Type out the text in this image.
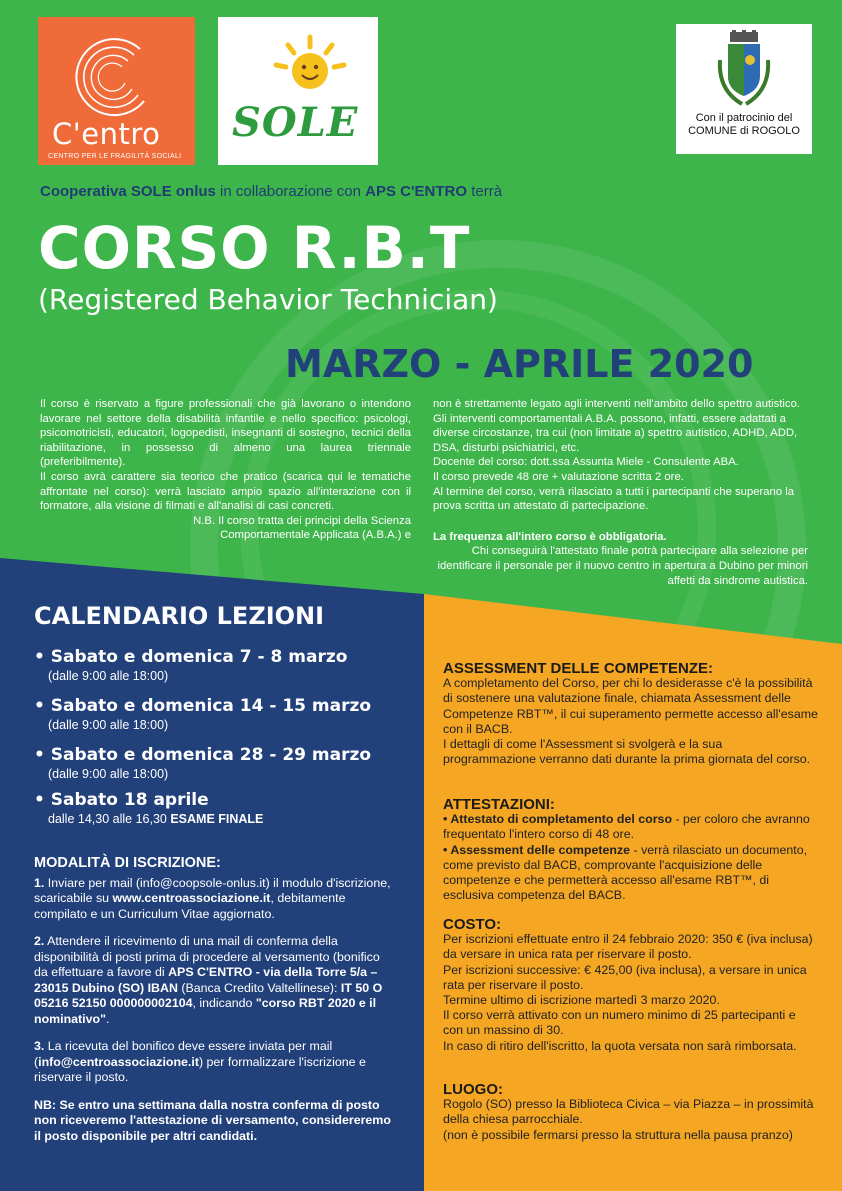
C'entro
CENTRO PER LE FRAGILITÀ SOCIALI
SOLE	Con il patrocinio del
COMUNE di ROGOLO
Cooperativa SOLE onlus in collaborazione con APS C'ENTRO terrà
CORSO R.B.T
(Registered Behavior Technician)
MARZO - APRILE 2020

Il corso è riservato a figure professionali che già lavorano o intendono lavorare nel settore della disabilità infantile e nello specifico: psicologi, psicomotricisti, educatori, logopedisti, insegnanti di sostegno, tecnici della riabilitazione, in possesso di almeno una laurea triennale (preferibilmente).

Il corso avrà carattere sia teorico che pratico (scarica qui le tematiche affrontate nel corso): verrà lasciato ampio spazio all'interazione con il formatore, alla visione di filmati e all'analisi di casi concreti.

N.B. Il corso tratta dei principi della Scienza Comportamentale Applicata (A.B.A.) e

non è strettamente legato agli interventi nell'ambito dello spettro autistico.

Gli interventi comportamentali A.B.A. possono, infatti, essere adattati a diverse circostanze, tra cui (non limitate a) spettro autistico, ADHD, ADD, DSA, disturbi psichiatrici, etc.

Docente del corso: dott.ssa Assunta Miele - Consulente ABA.

Il corso prevede 48 ore + valutazione scritta 2 ore.

Al termine del corso, verrà rilasciato a tutti i partecipanti che superano la prova scritta un attestato di partecipazione.

La frequenza all'intero corso è obbligatoria.

Chi conseguirà l'attestato finale potrà partecipare alla selezione per identificare il personale per il nuovo centro in apertura a Dubino per minori affetti da sindrome autistica.

CALENDARIO LEZIONI
• Sabato e domenica 7 - 8 marzo
(dalle 9:00 alle 18:00)
• Sabato e domenica 14 - 15 marzo
(dalle 9:00 alle 18:00)
• Sabato e domenica 28 - 29 marzo
(dalle 9:00 alle 18:00)
• Sabato 18 aprile
dalle 14,30 alle 16,30 ESAME FINALE
MODALITÀ DI ISCRIZIONE:

1. Inviare per mail (info@coopsole-onlus.it) il modulo d'iscrizione, scaricabile su www.centroassociazione.it, debitamente compilato e un Curriculum Vitae aggiornato.

2. Attendere il ricevimento di una mail di conferma della disponibilità di posti prima di procedere al versamento (bonifico da effettuare a favore di APS C'ENTRO - via della Torre 5/a – 23015 Dubino (SO) IBAN (Banca Credito Valtellinese): IT 50 O 05216 52150 000000002104, indicando "corso RBT 2020 e il nominativo".

3. La ricevuta del bonifico deve essere inviata per mail (info@centroassociazione.it) per formalizzare l'iscrizione e riservare il posto.

NB: Se entro una settimana dalla nostra conferma di posto non riceveremo l'attestazione di versamento, considereremo il posto disponibile per altri candidati.

ASSESSMENT DELLE COMPETENZE:

A completamento del Corso, per chi lo desiderasse c'è la possibilità di sostenere una valutazione finale, chiamata Assessment delle Competenze RBT™, il cui superamento permette accesso all'esame con il BACB.

I dettagli di come l'Assessment si svolgerà e la sua programmazione verranno dati durante la prima giornata del corso.

ATTESTAZIONI:

• Attestato di completamento del corso - per coloro che avranno frequentato l'intero corso di 48 ore.

• Assessment delle competenze - verrà rilasciato un documento, come previsto dal BACB, comprovante l'acquisizione delle competenze e che permetterà accesso all'esame RBT™, di esclusiva competenza del BACB.

COSTO:

Per iscrizioni effettuate entro il 24 febbraio 2020: 350 € (iva inclusa) da versare in unica rata per riservare il posto.

Per iscrizioni successive: € 425,00 (iva inclusa), a versare in unica rata per riservare il posto.

Termine ultimo di iscrizione martedì 3 marzo 2020.

Il corso verrà attivato con un numero minimo di 25 partecipanti e con un massino di 30.

In caso di ritiro dell'iscritto, la quota versata non sarà rimborsata.

LUOGO:

Rogolo (SO) presso la Biblioteca Civica – via Piazza – in prossimità della chiesa parrocchiale.

(non è possibile fermarsi presso la struttura nella pausa pranzo)
